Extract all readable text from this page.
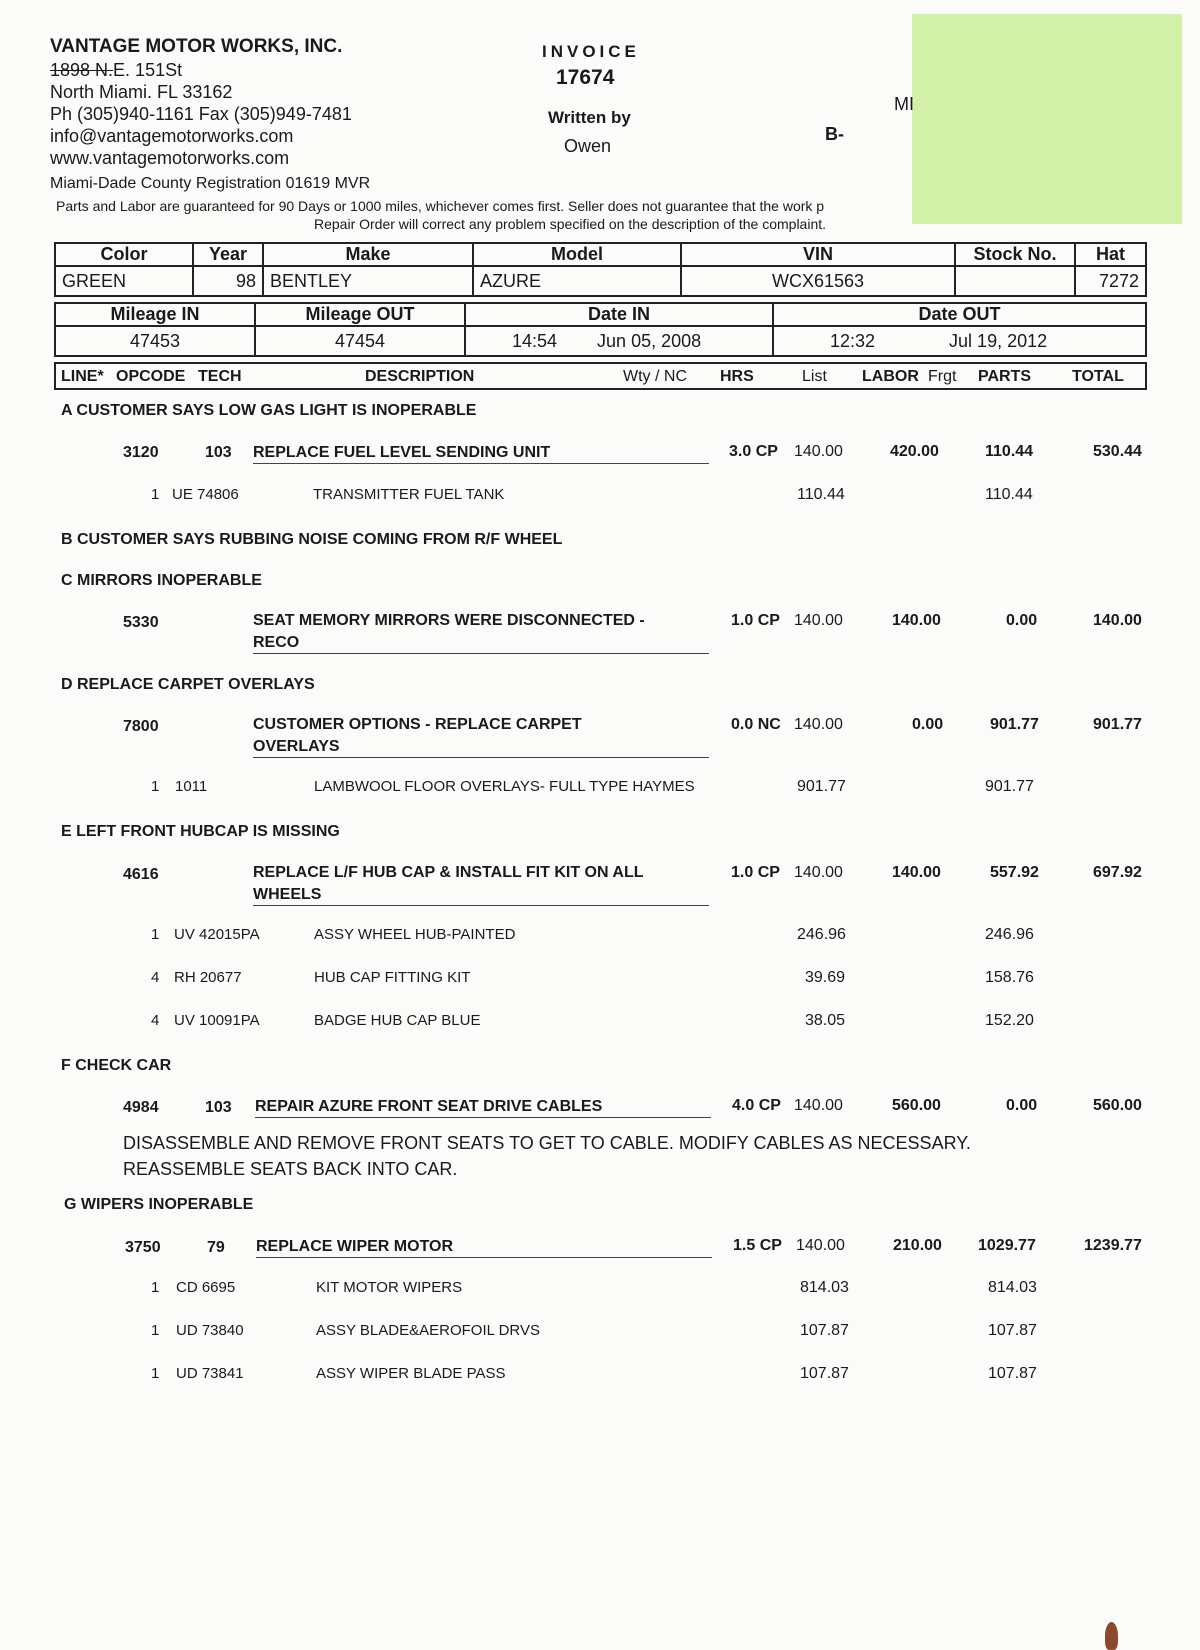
VANTAGE MOTOR WORKS, INC.
1898 N.E. 151St
North Miami. FL 33162
Ph (305)940-1161 Fax (305)949-7481
info@vantagemotorworks.com
www.vantagemotorworks.com
Miami-Dade County Registration 01619 MVR
INVOICE
17674
Written by
Owen
MI
B-
Parts and Labor are guaranteed for 90 Days or 1000 miles, whichever comes first. Seller does not guarantee that the work p
Repair Order will correct any problem specified on the description of the complaint.
Color	Year	Make	Model	VIN	Stock No.	Hat
GREEN	98	BENTLEY	AZURE	WCX61563		7272
Mileage IN	Mileage OUT	Date IN	Date OUT
47453	47454	14:54 Jun 05, 2008	12:32 Jul 19, 2012
LINE* OPCODE TECH	DESCRIPTION	Wty / NC HRS	List LABOR Frgt PARTS	TOTAL
A CUSTOMER SAYS LOW GAS LIGHT IS INOPERABLE
3120	103 REPLACE FUEL LEVEL SENDING UNIT	3.0 CP 140.00	420.00	110.44	530.44
1 UE 74806	TRANSMITTER FUEL TANK	110.44	110.44
B CUSTOMER SAYS RUBBING NOISE COMING FROM R/F WHEEL
C MIRRORS INOPERABLE
5330	SEAT MEMORY MIRRORS WERE DISCONNECTED -
RECO
1.0 CP 140.00	140.00	0.00	140.00
D REPLACE CARPET OVERLAYS
7800	CUSTOMER OPTIONS - REPLACE CARPET
OVERLAYS
0.0 NC 140.00	0.00	901.77	901.77
1 1011	LAMBWOOL FLOOR OVERLAYS- FULL TYPE HAYMES	901.77	901.77
E LEFT FRONT HUBCAP IS MISSING
4616	REPLACE L/F HUB CAP & INSTALL FIT KIT ON ALL
WHEELS
1.0 CP 140.00	140.00	557.92	697.92
1 UV 42015PA	ASSY WHEEL HUB-PAINTED	246.96	246.96
4 RH 20677	HUB CAP FITTING KIT	39.69	158.76
4 UV 10091PA	BADGE HUB CAP BLUE	38.05	152.20
F CHECK CAR
4984	103 REPAIR AZURE FRONT SEAT DRIVE CABLES	4.0 CP 140.00	560.00	0.00	560.00
DISASSEMBLE AND REMOVE FRONT SEATS TO GET TO CABLE. MODIFY CABLES AS NECESSARY.
REASSEMBLE SEATS BACK INTO CAR.
G WIPERS INOPERABLE
3750	79 REPLACE WIPER MOTOR	1.5 CP 140.00	210.00 1029.77	1239.77
1 CD 6695	KIT MOTOR WIPERS	814.03	814.03
1 UD 73840	ASSY BLADE&AEROFOIL DRVS	107.87	107.87
1 UD 73841	ASSY WIPER BLADE PASS	107.87	107.87
